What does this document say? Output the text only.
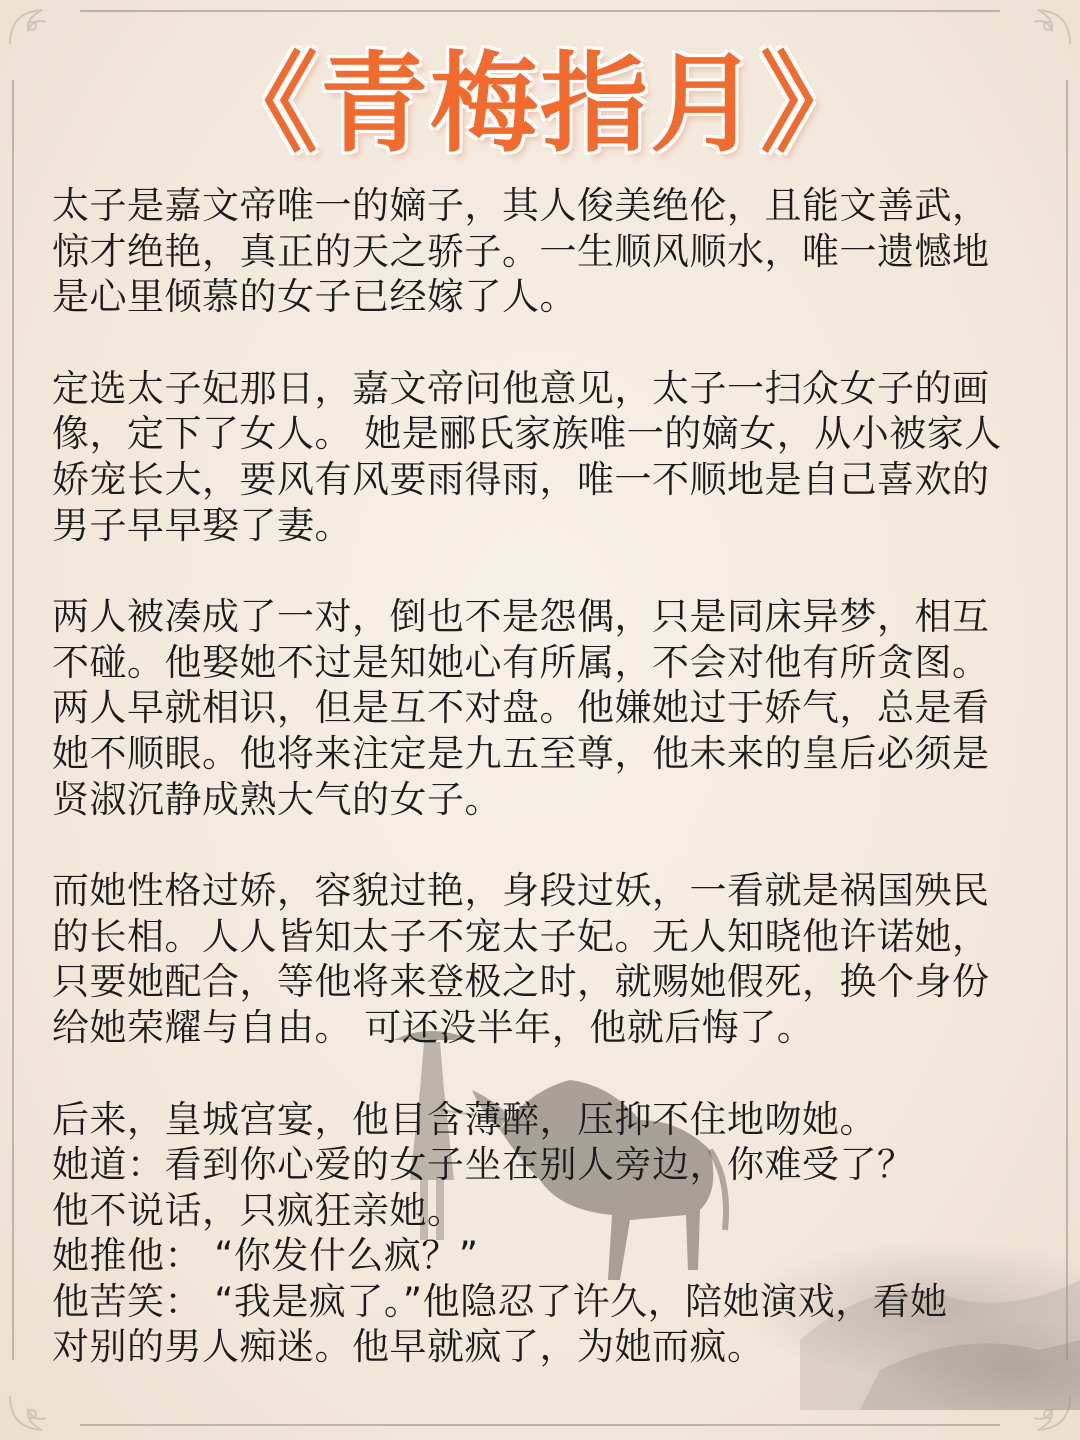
《青梅指月》
太子是嘉文帝唯一的嫡子，其人俊美绝伦，且能文善武，
惊才绝艳，真正的天之骄子。一生顺风顺水，唯一遗憾地
是心里倾慕的女子已经嫁了人。
定选太子妃那日，嘉文帝问他意见，太子一扫众女子的画
像，定下了女人。 她是郦氏家族唯一的嫡女，从小被家人
娇宠长大，要风有风要雨得雨，唯一不顺地是自己喜欢的
男子早早娶了妻。
两人被凑成了一对，倒也不是怨偶，只是同床异梦，相互
不碰。他娶她不过是知她心有所属，不会对他有所贪图。
两人早就相识，但是互不对盘。他嫌她过于娇气，总是看
她不顺眼。他将来注定是九五至尊，他未来的皇后必须是
贤淑沉静成熟大气的女子。
而她性格过娇，容貌过艳，身段过妖，一看就是祸国殃民
的长相。人人皆知太子不宠太子妃。无人知晓他许诺她，
只要她配合，等他将来登极之时，就赐她假死，换个身份
给她荣耀与自由。 可还没半年，他就后悔了。
后来，皇城宫宴，他目含薄醉，压抑不住地吻她。
她道：看到你心爱的女子坐在别人旁边，你难受了？
他不说话，只疯狂亲她。
她推他： “你发什么疯？”
他苦笑： “我是疯了。”他隐忍了许久，陪她演戏，看她
对别的男人痴迷。他早就疯了，为她而疯。
